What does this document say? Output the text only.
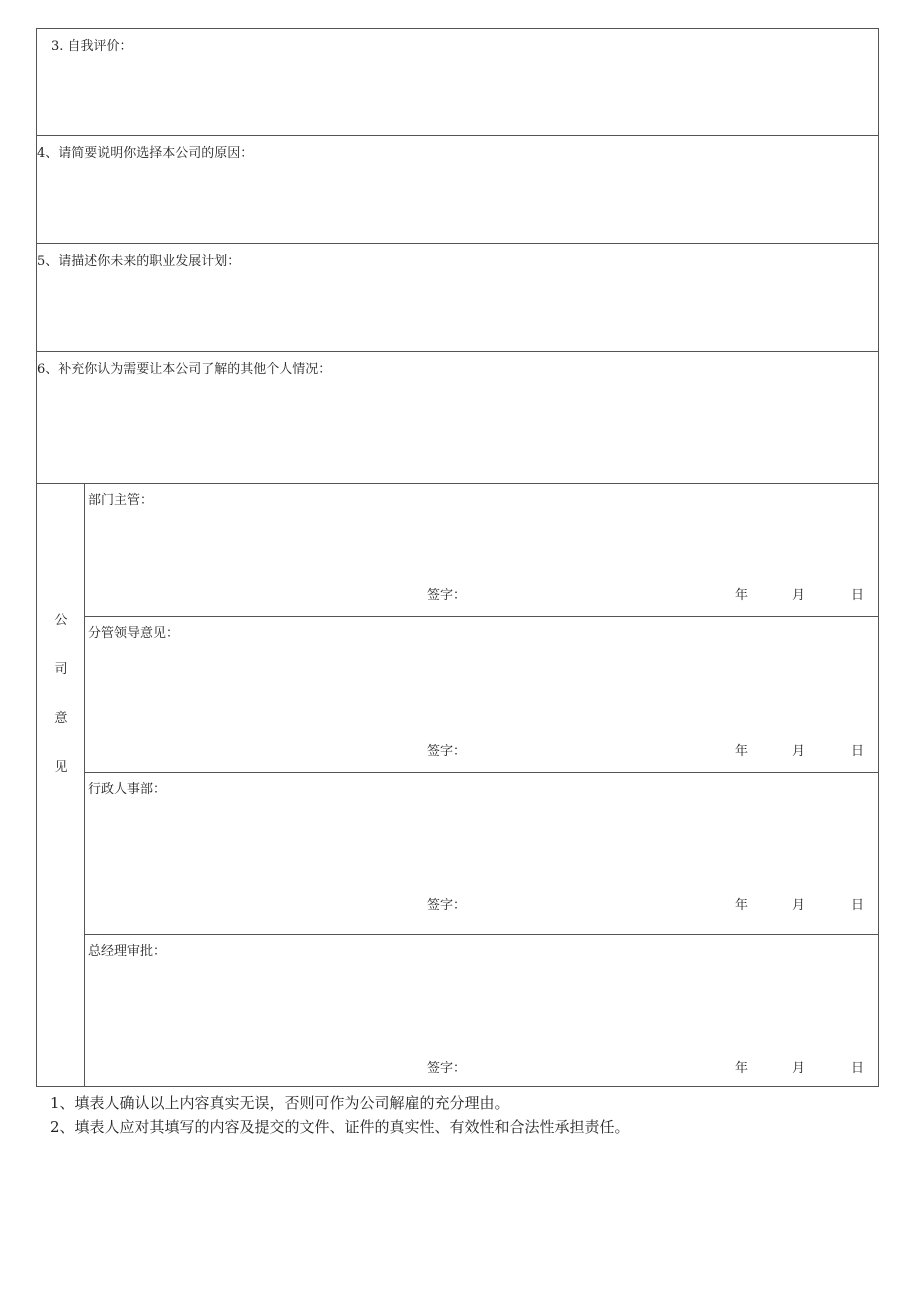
3. 自我评价：
4、请简要说明你选择本公司的原因：
5、请描述你未来的职业发展计划：
6、补充你认为需要让本公司了解的其他个人情况：
公
司
意
见
部门主管：
签字：	年	月	日
分管领导意见：
签字：	年	月	日
行政人事部：
签字：	年	月	日
总经理审批：
签字：	年	月	日
1、填表人确认以上内容真实无误，否则可作为公司解雇的充分理由。
2、填表人应对其填写的内容及提交的文件、证件的真实性、有效性和合法性承担责任。
